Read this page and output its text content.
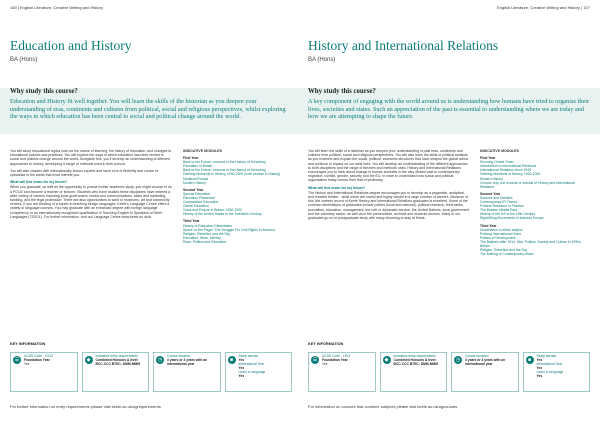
100 | English Literature, Creative Writing and History
Education and History
BA (Hons)
Why study this course?
Education and History fit well together. You will learn the skills of the historian as you deepen your understanding of eras, continents and cultures from political, social and religious perspectives, whilst exploring the ways in which education has been central to social and political change around the world.

You will study educational topics such as the nature of learning, the history of education, and changes to educational policies and practices. You will explore the ways in which education has been central to social and political change around the world. Alongside this, you'll develop an understanding of different approaches to history, developing a range of methods used in their pursuit.

You will take classes with internationally known experts and have a lot of flexibility and choice to specialise in the areas that most interest you.

What will this mean for my future?

When you graduate, as well as the opportunity to pursue further academic study, you might choose to do a PGCE and become a teacher or lecturer. Students who have studied these disciplines have entered a wide variety of careers including local government, media and communications, sales and marketing, banking, and the legal profession. There are also opportunities to work in museums, art and community centres. If you are thinking of a career in teaching foreign languages, Keele's Language Centre offers a variety of language courses. You may graduate with an enhanced degree with foreign language competency or an internationally recognised qualification in Teaching English to Speakers of Other Languages (TESOL). For further information, visit our Language Centre www.keele.ac.uk/lc

INDICATIVE MODULES
First Year
Back to the Future: Lessons in the History of Schooling
Education in Britain
Back to the Future: Lessons in the History of Schooling
Defining Moments in History, 1000-2000 (core module in History)
Medieval Europe
Modern History
Second Year
Special Education
Education Placement
Comparative Education
Global Education
Class and Empire in Britain, 1830-1920
History of the United States in the Twentieth Century
Third Year
History of Education Dissertation
Space on the Page? The Struggle For Civil Rights in America
Religion, Rebellion and the Raj
Education, Work, Identity
Race, Politics and Education
KEY INFORMATION
☰
UCAS Code - VX10
Foundation Year
Yes
◆
Indicative entry requirements
Combined Honours A level: BCC-CCC BTEC: DMM-MMM
◷
Course duration
3 years or 4 years with an international year
■
Study abroad
Yes
International Year
Yes
Learn a Language
Yes
For further information on entry requirements please visit keele.ac.uk/ugrequirements
English Literature, Creative Writing and History | 107
History and International Relations
BA (Hons)
Why study this course?
A key component of engaging with the world around us is understanding how humans have tried to organise their lives, societies and states. Such an appreciation of the past is essential to understanding where we are today and how we are attempting to shape the future.

You will learn the skills of a historian as you deepen your understanding of past eras, continents and cultures from political, social and religious perspectives. You will also learn the skills of political analysis as you examine and explain the social, political, economic structures that have shaped the global arena and continue to impact on our daily lives. You will develop an understanding of the different approaches to both disciplines and the range of theories and methods used. History and International Relations encourages you to think about change in human societies in the very distant past to contemporary migration, conflict, gender, security and the EU, in order to understand how social and political organisation today comes from that of yesterday.

What will this mean for my future?

The History and International Relations degree encourages you to develop as a pragmatic, analytical, and creative thinker - skills which are useful and highly valued in a large number of careers. Because of this, the careers record of Keele History and International Relations graduates is excellent. Some of the common destinations of graduates include politics (local and national), political research, think tanks, journalism, education, management, the civil or diplomatic service, the United Nations, local government and the voluntary sector, as well as in the preservation, archival and museum sectors. Many of our graduates go on to postgraduate study with many choosing to stay at Keele.

INDICATIVE MODULES
First Year
Securing Global Order
Introduction to International Relations
International Relations since 1945
Defining Moments in History, 1000-2000
Modern History
Choose only one module or outside of History and International Relations
Second Year
Sources and Debates
Contemporary IR Theory
Political Research in Practice
The Modern Middle East
History of the US in the 20th Century
Right/Wing Movements in Interwar Europe
Third Year
Dissertation in either subject
Policing International Order
Politics of Development
The Balkans after 1914: War, Politics, Society and Culture in 1990s Britain
Religion, Rebellion and the Raj
The Making of Contemporary Africa
KEY INFORMATION
☰
UCAS Code - L9V1
Foundation Year
Yes
◆
Indicative entry requirements
Combined Honours A level: BCC-CCC BTEC: DMM-MMM
◷
Course duration
3 years or 4 years with an international year
■
Study abroad
Yes
International Year
Yes
Learn a Language
Yes
For information on courses that combine subjects please visit keele.ac.uk/ugcourses
